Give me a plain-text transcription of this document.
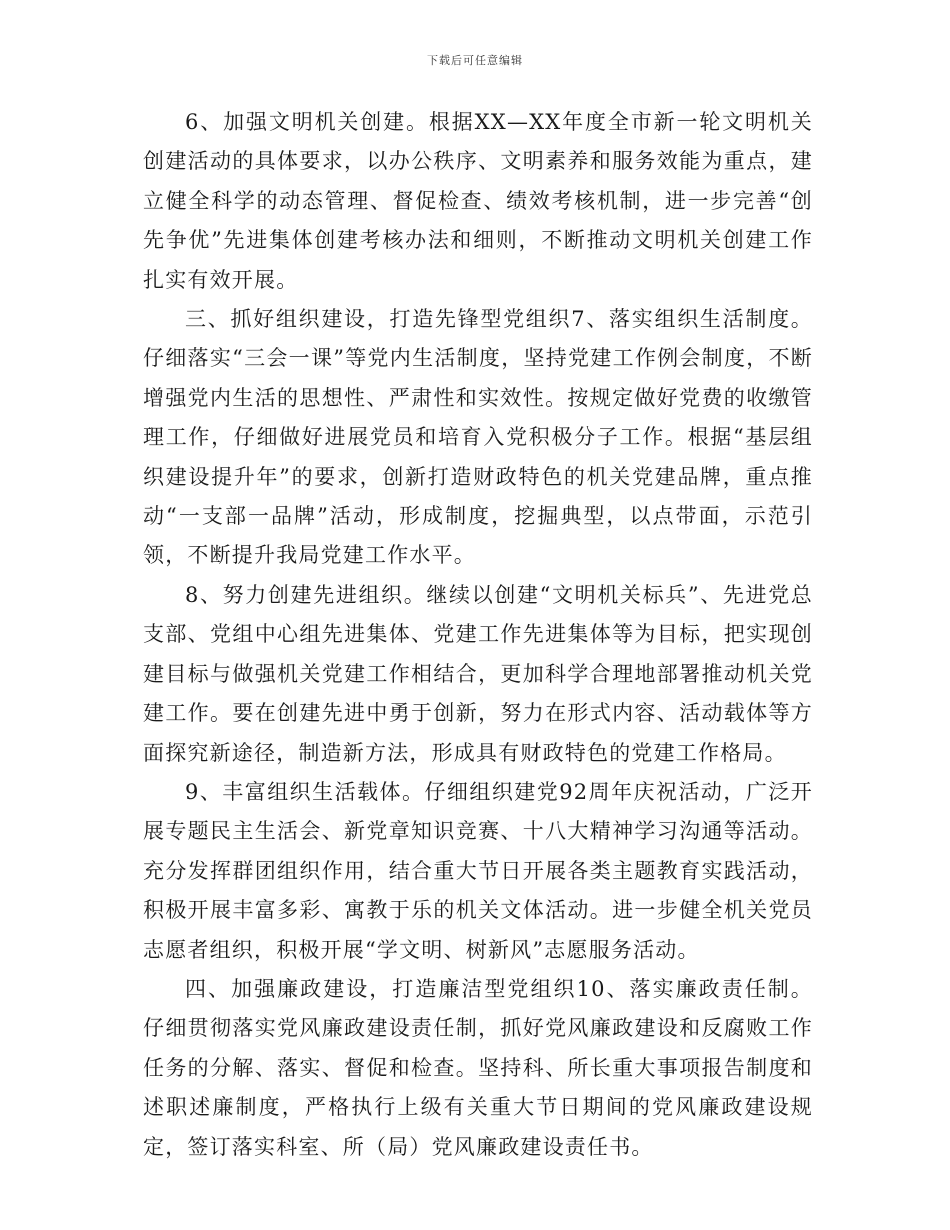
下载后可任意编辑

6、加强文明机关创建。根据XX—XX年度全市新一轮文明机关创建活动的具体要求，以办公秩序、文明素养和服务效能为重点，建立健全科学的动态管理、督促检查、绩效考核机制，进一步完善“创先争优”先进集体创建考核办法和细则，不断推动文明机关创建工作扎实有效开展。

三、抓好组织建设，打造先锋型党组织7、落实组织生活制度。仔细落实“三会一课”等党内生活制度，坚持党建工作例会制度，不断增强党内生活的思想性、严肃性和实效性。按规定做好党费的收缴管理工作，仔细做好进展党员和培育入党积极分子工作。根据“基层组织建设提升年”的要求，创新打造财政特色的机关党建品牌，重点推动“一支部一品牌”活动，形成制度，挖掘典型，以点带面，示范引领，不断提升我局党建工作水平。

8、努力创建先进组织。继续以创建“文明机关标兵”、先进党总支部、党组中心组先进集体、党建工作先进集体等为目标，把实现创建目标与做强机关党建工作相结合，更加科学合理地部署推动机关党建工作。要在创建先进中勇于创新，努力在形式内容、活动载体等方面探究新途径，制造新方法，形成具有财政特色的党建工作格局。

9、丰富组织生活载体。仔细组织建党92周年庆祝活动，广泛开展专题民主生活会、新党章知识竞赛、十八大精神学习沟通等活动。充分发挥群团组织作用，结合重大节日开展各类主题教育实践活动，积极开展丰富多彩、寓教于乐的机关文体活动。进一步健全机关党员志愿者组织，积极开展“学文明、树新风”志愿服务活动。

四、加强廉政建设，打造廉洁型党组织10、落实廉政责任制。仔细贯彻落实党风廉政建设责任制，抓好党风廉政建设和反腐败工作任务的分解、落实、督促和检查。坚持科、所长重大事项报告制度和述职述廉制度，严格执行上级有关重大节日期间的党风廉政建设规定，签订落实科室、所（局）党风廉政建设责任书。
